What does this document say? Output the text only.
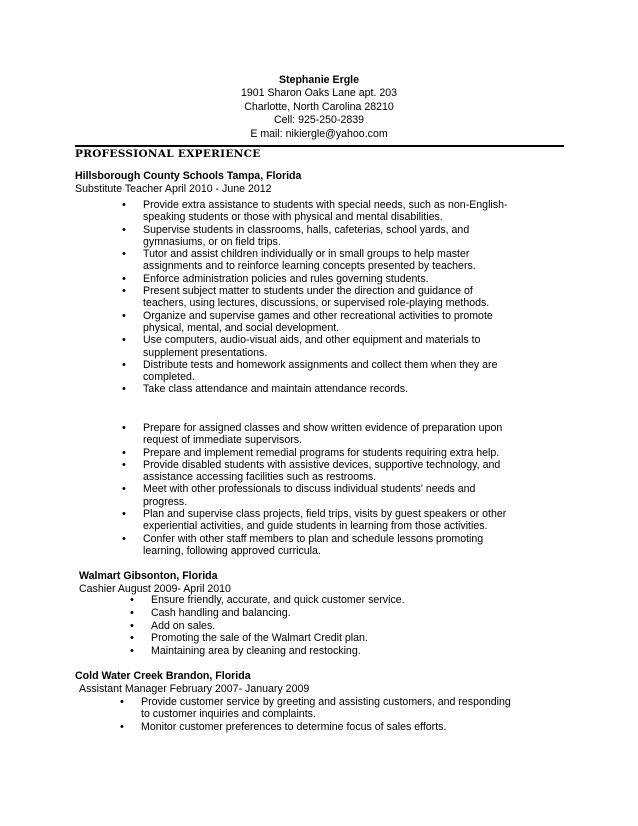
Stephanie Ergle
1901 Sharon Oaks Lane apt. 203
Charlotte, North Carolina 28210
Cell: 925-250-2839
E mail: nikiergle@yahoo.com
PROFESSIONAL EXPERIENCE
Hillsborough County Schools Tampa, Florida
Substitute Teacher April 2010 - June 2012
• Provide extra assistance to students with special needs, such as non-English-speaking students or those with physical and mental disabilities.
• Supervise students in classrooms, halls, cafeterias, school yards, and gymnasiums, or on field trips.
• Tutor and assist children individually or in small groups to help master assignments and to reinforce learning concepts presented by teachers.
• Enforce administration policies and rules governing students.
• Present subject matter to students under the direction and guidance of teachers, using lectures, discussions, or supervised role-playing methods.
• Organize and supervise games and other recreational activities to promote physical, mental, and social development.
• Use computers, audio-visual aids, and other equipment and materials to supplement presentations.
• Distribute tests and homework assignments and collect them when they are completed.
• Take class attendance and maintain attendance records.
• Prepare for assigned classes and show written evidence of preparation upon request of immediate supervisors.
• Prepare and implement remedial programs for students requiring extra help.
• Provide disabled students with assistive devices, supportive technology, and assistance accessing facilities such as restrooms.
• Meet with other professionals to discuss individual students' needs and progress.
• Plan and supervise class projects, field trips, visits by guest speakers or other experiential activities, and guide students in learning from those activities.
• Confer with other staff members to plan and schedule lessons promoting learning, following approved curricula.
Walmart Gibsonton, Florida
Cashier August 2009- April 2010
• Ensure friendly, accurate, and quick customer service.
• Cash handling and balancing.
• Add on sales.
• Promoting the sale of the Walmart Credit plan.
• Maintaining area by cleaning and restocking.
Cold Water Creek Brandon, Florida
Assistant Manager February 2007- January 2009
• Provide customer service by greeting and assisting customers, and responding to customer inquiries and complaints.
• Monitor customer preferences to determine focus of sales efforts.
